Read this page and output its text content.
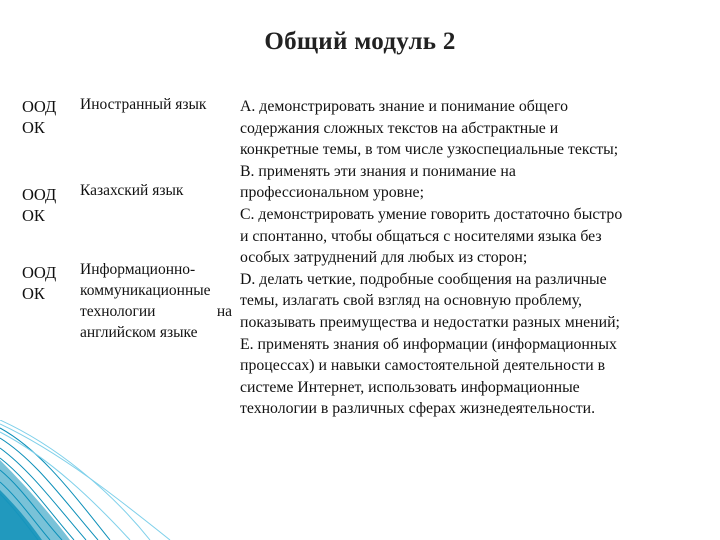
Общий модуль 2
ООД
ОК
Иностранный язык
ООД
ОК
Казахский язык
ООД
ОК
Информационно-
коммуникационные
технологии на
английском языке
A. демонстрировать знание и понимание общего
содержания сложных текстов на абстрактные и
конкретные темы, в том числе узкоспециальные тексты;
B. применять эти знания и понимание на
профессиональном уровне;
C. демонстрировать умение говорить достаточно быстро
и спонтанно, чтобы общаться с носителями языка без
особых затруднений для любых из сторон;
D. делать четкие, подробные сообщения на различные
темы, излагать свой взгляд на основную проблему,
показывать преимущества и недостатки разных мнений;
E. применять знания об информации (информационных
процессах) и навыки самостоятельной деятельности в
системе Интернет, использовать информационные
технологии в различных сферах жизнедеятельности.
